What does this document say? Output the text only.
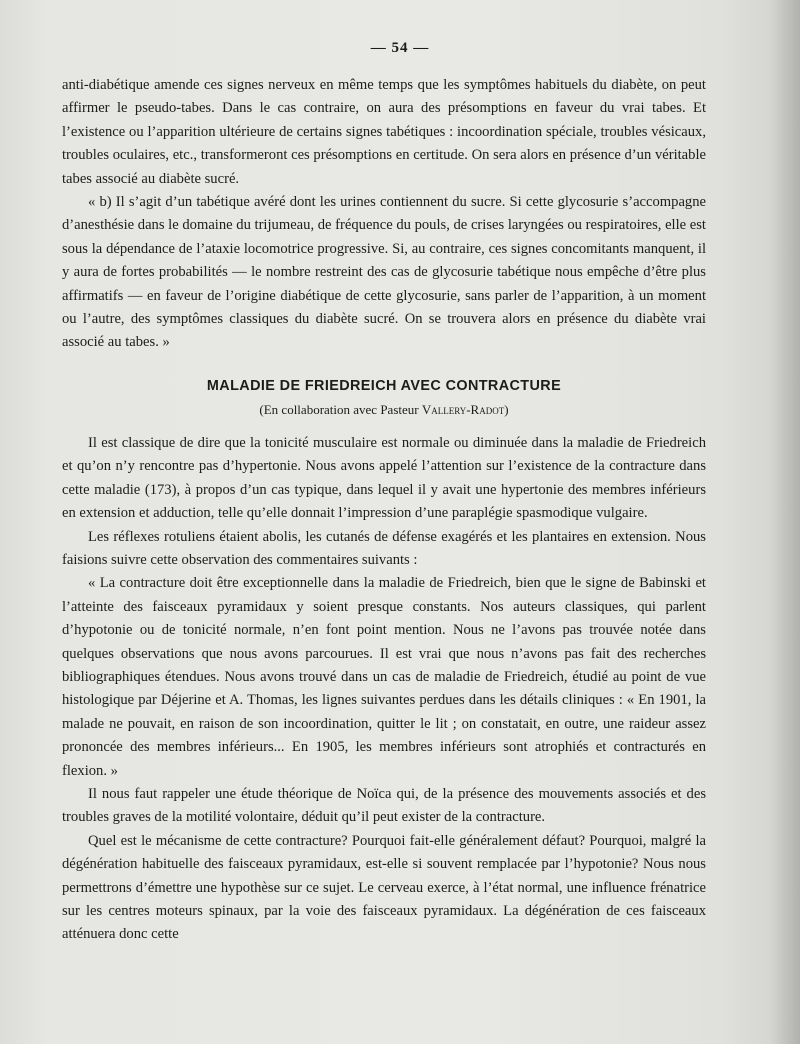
— 54 —

anti-diabétique amende ces signes nerveux en même temps que les symptômes habituels du diabète, on peut affirmer le pseudo-tabes. Dans le cas contraire, on aura des présomptions en faveur du vrai tabes. Et l’existence ou l’apparition ultérieure de certains signes tabétiques : incoordination spéciale, troubles vésicaux, troubles oculaires, etc., transformeront ces présomptions en certitude. On sera alors en présence d’un véritable tabes associé au diabète sucré.

« b) Il s’agit d’un tabétique avéré dont les urines contiennent du sucre. Si cette glycosurie s’accompagne d’anesthésie dans le domaine du trijumeau, de fréquence du pouls, de crises laryngées ou respiratoires, elle est sous la dépendance de l’ataxie locomotrice progressive. Si, au contraire, ces signes concomitants manquent, il y aura de fortes probabilités — le nombre restreint des cas de glycosurie tabétique nous empêche d’être plus affirmatifs — en faveur de l’origine diabétique de cette glycosurie, sans parler de l’apparition, à un moment ou l’autre, des symptômes classiques du diabète sucré. On se trouvera alors en présence du diabète vrai associé au tabes. »

MALADIE DE FRIEDREICH AVEC CONTRACTURE
(En collaboration avec Pasteur Vallery-Radot)

Il est classique de dire que la tonicité musculaire est normale ou diminuée dans la maladie de Friedreich et qu’on n’y rencontre pas d’hypertonie. Nous avons appelé l’attention sur l’existence de la contracture dans cette maladie (173), à propos d’un cas typique, dans lequel il y avait une hypertonie des membres inférieurs en extension et adduction, telle qu’elle donnait l’impression d’une paraplégie spasmodique vulgaire.

Les réflexes rotuliens étaient abolis, les cutanés de défense exagérés et les plantaires en extension. Nous faisions suivre cette observation des commentaires suivants :

« La contracture doit être exceptionnelle dans la maladie de Friedreich, bien que le signe de Babinski et l’atteinte des faisceaux pyramidaux y soient presque constants. Nos auteurs classiques, qui parlent d’hypotonie ou de tonicité normale, n’en font point mention. Nous ne l’avons pas trouvée notée dans quelques observations que nous avons parcourues. Il est vrai que nous n’avons pas fait des recherches bibliographiques étendues. Nous avons trouvé dans un cas de maladie de Friedreich, étudié au point de vue histologique par Déjerine et A. Thomas, les lignes suivantes perdues dans les détails cliniques : « En 1901, la malade ne pouvait, en raison de son incoordination, quitter le lit ; on constatait, en outre, une raideur assez prononcée des membres inférieurs... En 1905, les membres inférieurs sont atrophiés et contracturés en flexion. »

Il nous faut rappeler une étude théorique de Noïca qui, de la présence des mouvements associés et des troubles graves de la motilité volontaire, déduit qu’il peut exister de la contracture.

Quel est le mécanisme de cette contracture? Pourquoi fait-elle généralement défaut? Pourquoi, malgré la dégénération habituelle des faisceaux pyramidaux, est-elle si souvent remplacée par l’hypotonie? Nous nous permettrons d’émettre une hypothèse sur ce sujet. Le cerveau exerce, à l’état normal, une influence frénatrice sur les centres moteurs spinaux, par la voie des faisceaux pyramidaux. La dégénération de ces faisceaux atténuera donc cette
